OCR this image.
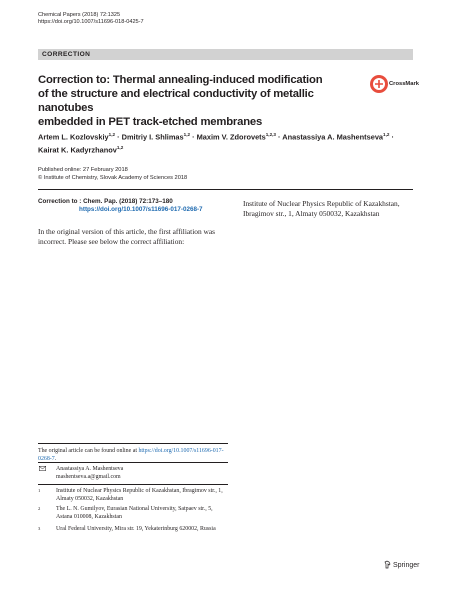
Chemical Papers (2018) 72:1325
https://doi.org/10.1007/s11696-018-0425-7
CORRECTION
CrossMark
Correction to: Thermal annealing-induced modification
of the structure and electrical conductivity of metallic nanotubes
embedded in PET track-etched membranes
Artem L. Kozlovskiy$^{1,2}$ · Dmitriy I. Shlimas$^{1,2}$ · Maxim V. Zdorovets$^{1,2,3}$ · Anastassiya A. Mashentseva$^{1,2}$ ·
Kairat K. Kadyrzhanov$^{1,2}$
Published online: 27 February 2018
© Institute of Chemistry, Slovak Academy of Sciences 2018
Correction to : Chem. Pap. (2018) 72:173–180
https://doi.org/10.1007/s11696-017-0268-7
In the original version of this article, the first affiliation was incorrect. Please see below the correct affiliation:
Institute of Nuclear Physics Republic of Kazakhstan, Ibragimov str., 1, Almaty 050032, Kazakhstan
The original article can be found online at https://doi.org/10.1007/s11696-017-0268-7.
Anastassiya A. Mashentseva
mashentseva.a@gmail.com
1	Institute of Nuclear Physics Republic of Kazakhstan, Ibragimov str., 1, Almaty 050032, Kazakhstan
2	The L. N. Gumilyov, Eurasian National University, Satpaev str., 5, Astana 010008, Kazakhstan
3	Ural Federal University, Mira str. 19, Yekaterinburg 620002, Russia
Springer
